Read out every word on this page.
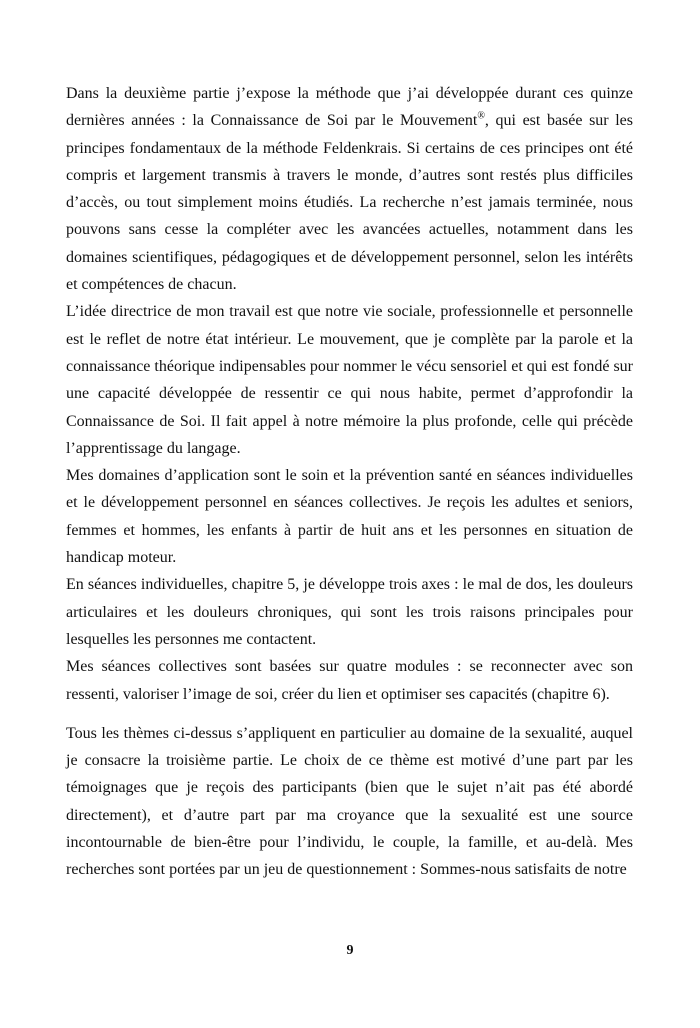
Dans la deuxième partie j’expose la méthode que j’ai développée durant ces quinze dernières années : la Connaissance de Soi par le Mouvement®, qui est basée sur les principes fondamentaux de la méthode Feldenkrais. Si certains de ces principes ont été compris et largement transmis à travers le monde, d’autres sont restés plus difficiles d’accès, ou tout simplement moins étudiés. La recherche n’est jamais terminée, nous pouvons sans cesse la compléter avec les avancées actuelles, notamment dans les domaines scientifiques, pédagogiques et de développement personnel, selon les intérêts et compétences de chacun.

L’idée directrice de mon travail est que notre vie sociale, professionnelle et personnelle est le reflet de notre état intérieur. Le mouvement, que je complète par la parole et la connaissance théorique indipensables pour nommer le vécu sensoriel et qui est fondé sur une capacité développée de ressentir ce qui nous habite, permet d’approfondir la Connaissance de Soi. Il fait appel à notre mémoire la plus profonde, celle qui précède l’apprentissage du langage.

Mes domaines d’application sont le soin et la prévention santé en séances individuelles et le développement personnel en séances collectives. Je reçois les adultes et seniors, femmes et hommes, les enfants à partir de huit ans et les personnes en situation de handicap moteur.

En séances individuelles, chapitre 5, je développe trois axes : le mal de dos, les douleurs articulaires et les douleurs chroniques, qui sont les trois raisons principales pour lesquelles les personnes me contactent.

Mes séances collectives sont basées sur quatre modules : se reconnecter avec son ressenti, valoriser l’image de soi, créer du lien et optimiser ses capacités (chapitre 6).

Tous les thèmes ci-dessus s’appliquent en particulier au domaine de la sexualité, auquel je consacre la troisième partie. Le choix de ce thème est motivé d’une part par les témoignages que je reçois des participants (bien que le sujet n’ait pas été abordé directement), et d’autre part par ma croyance que la sexualité est une source incontournable de bien-être pour l’individu, le couple, la famille, et au-delà. Mes recherches sont portées par un jeu de questionnement : Sommes-nous satisfaits de notre

9
